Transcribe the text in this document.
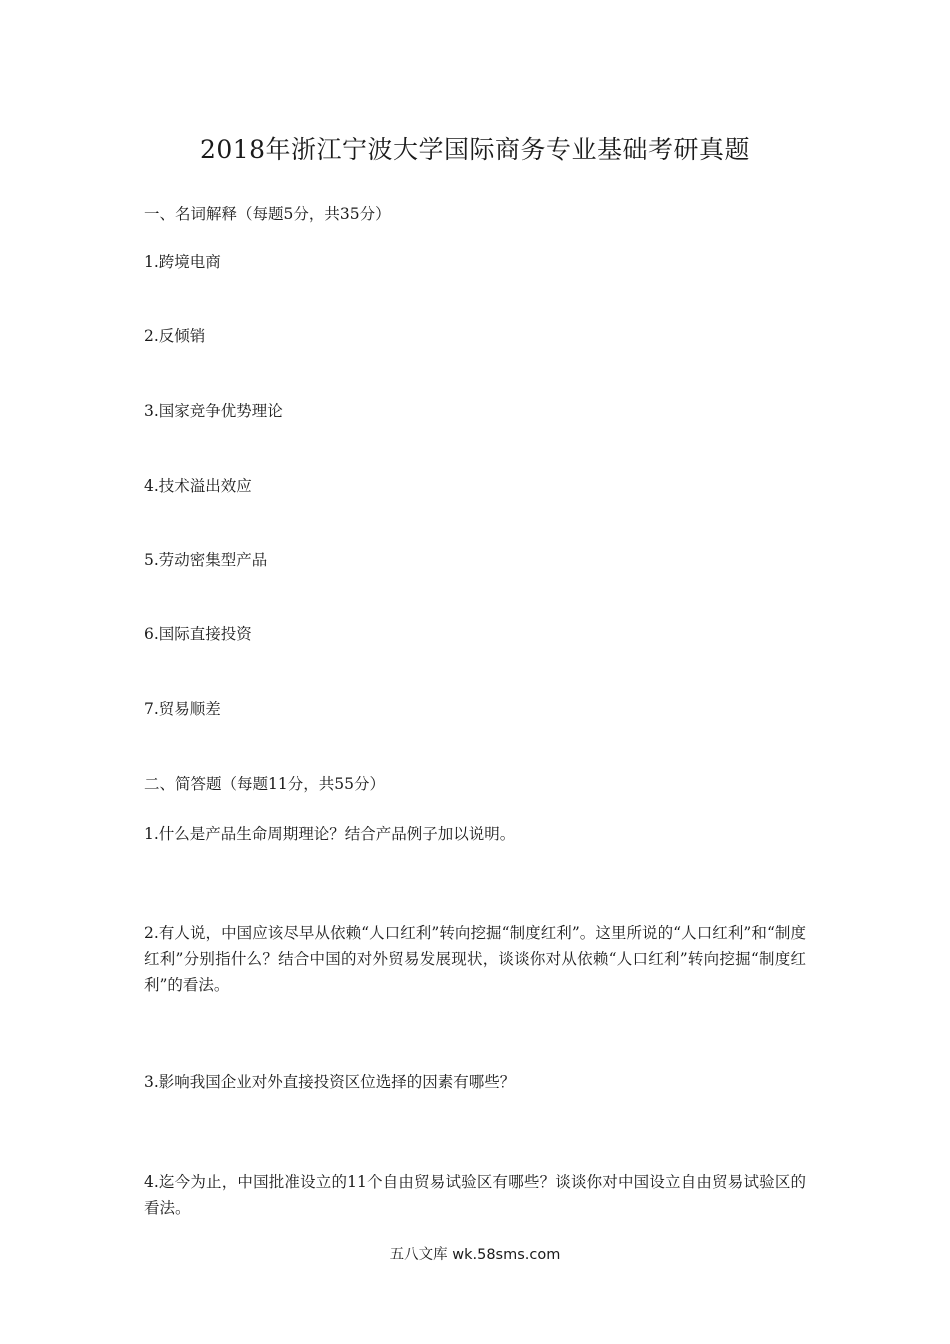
2018年浙江宁波大学国际商务专业基础考研真题

一、名词解释（每题5分，共35分）

1.跨境电商

2.反倾销

3.国家竞争优势理论

4.技术溢出效应

5.劳动密集型产品

6.国际直接投资

7.贸易顺差

二、简答题（每题11分，共55分）

1.什么是产品生命周期理论？结合产品例子加以说明。

2.有人说，中国应该尽早从依赖“人口红利”转向挖掘“制度红利”。这里所说的“人口红利”和“制度红利”分别指什么？结合中国的对外贸易发展现状，谈谈你对从依赖“人口红利”转向挖掘“制度红利”的看法。

3.影响我国企业对外直接投资区位选择的因素有哪些？

4.迄今为止，中国批准设立的11个自由贸易试验区有哪些？谈谈你对中国设立自由贸易试验区的看法。

五八文库 wk.58sms.com
